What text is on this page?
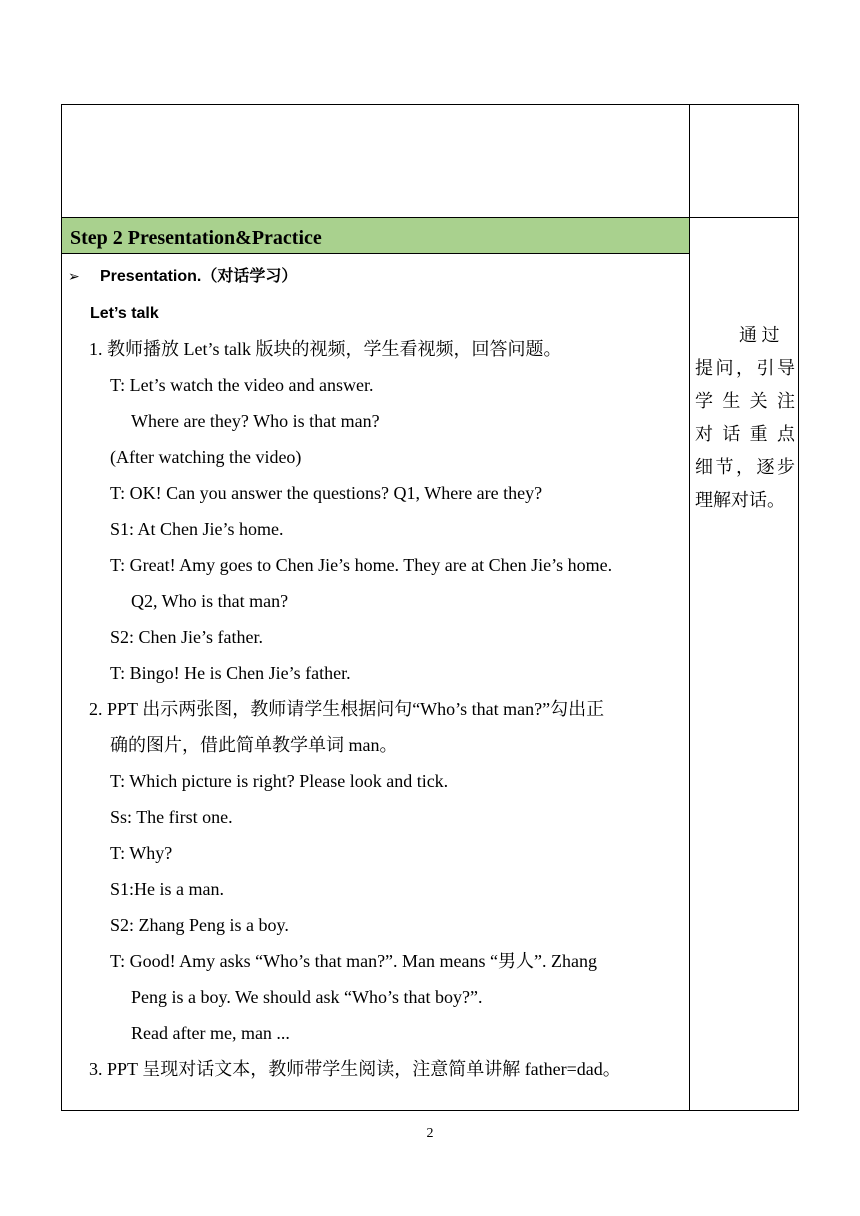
Step 2 Presentation&Practice
➢ Presentation.（对话学习）
Let’s talk
1. 教师播放 Let’s talk 版块的视频，学生看视频，回答问题。
T: Let’s watch the video and answer.
Where are they? Who is that man?
(After watching the video)
T: OK! Can you answer the questions? Q1, Where are they?
S1: At Chen Jie’s home.
T: Great! Amy goes to Chen Jie’s home. They are at Chen Jie’s home.
Q2, Who is that man?
S2: Chen Jie’s father.
T: Bingo! He is Chen Jie’s father.
2. PPT 出示两张图，教师请学生根据问句“Who’s that man?”勾出正
确的图片，借此简单教学单词 man。
T: Which picture is right? Please look and tick.
Ss: The first one.
T: Why?
S1:He is a man.
S2: Zhang Peng is a boy.
T: Good! Amy asks “Who’s that man?”. Man means “男人”. Zhang
Peng is a boy. We should ask “Who’s that boy?”.
Read after me, man ...
3. PPT 呈现对话文本，教师带学生阅读，注意简单讲解 father=dad。
通 过
提问，引导
学生关注
对话重点
细节，逐步
理解对话。
2
